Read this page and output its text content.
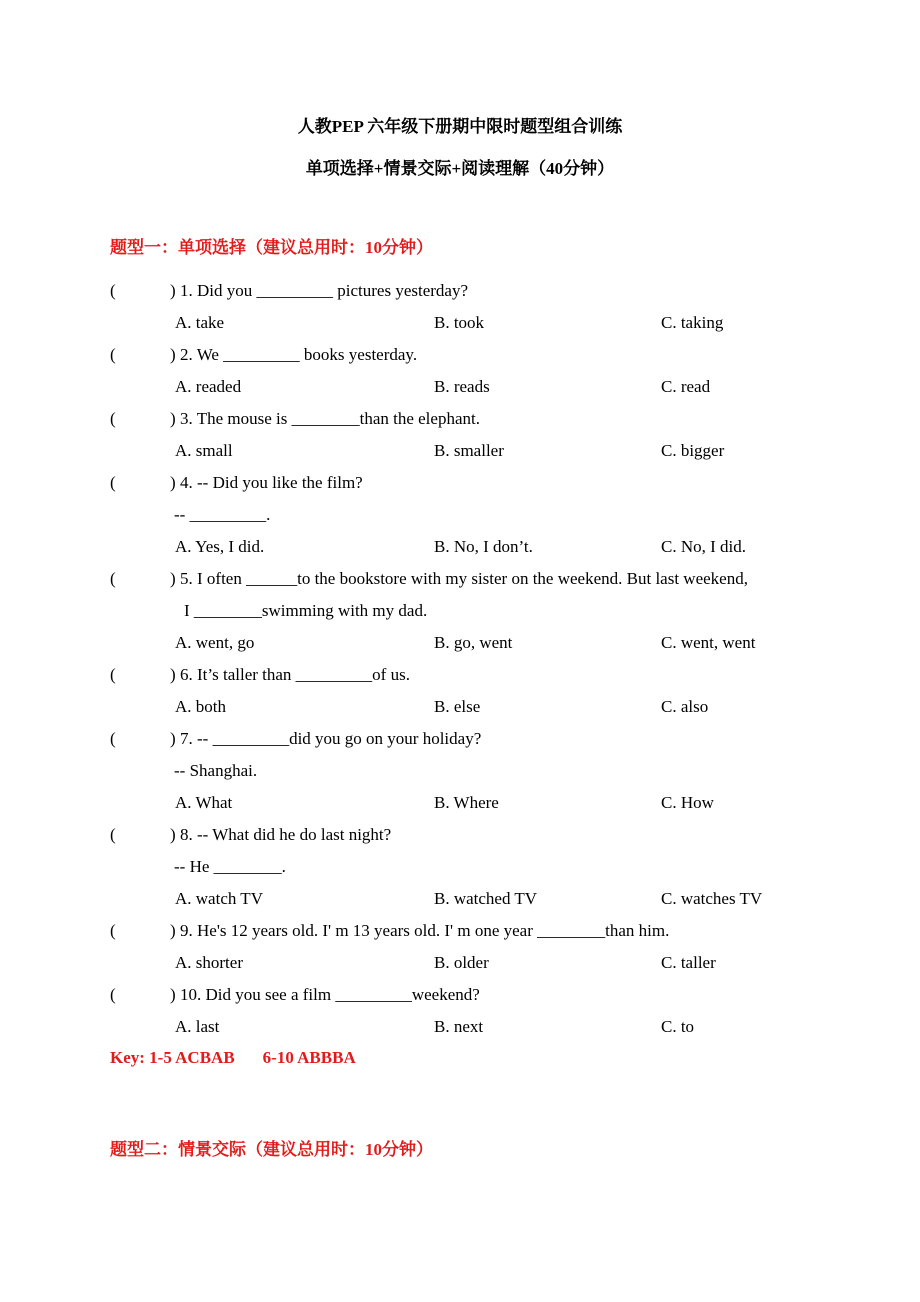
人教PEP 六年级下册期中限时题型组合训练
单项选择+情景交际+阅读理解（40分钟）
题型一：单项选择（建议总用时：10分钟）
(	) 1. Did you _________ pictures yesterday?
A. take	B. took	C. taking
(	) 2. We _________ books yesterday.
A. readed	B. reads	C. read
(	) 3. The mouse is ________than the elephant.
A. small	B. smaller	C. bigger
(	) 4. -- Did you like the film?
-- _________.
A. Yes, I did.	B. No, I don’t.	C. No, I did.
(	) 5. I often ______to the bookstore with my sister on the weekend. But last weekend,
I ________swimming with my dad.
A. went, go	B. go, went	C. went, went
(	) 6. It’s taller than _________of us.
A. both	B. else	C. also
(	) 7. -- _________did you go on your holiday?
-- Shanghai.
A. What	B. Where	C. How
(	) 8. -- What did he do last night?
-- He ________.
A. watch TV	B. watched TV	C. watches TV
(	) 9. He's 12 years old. I' m 13 years old. I' m one year ________than him.
A. shorter	B. older	C. taller
(	) 10. Did you see a film _________weekend?
A. last	B. next	C. to
Key: 1-5 ACBAB 6-10 ABBBA
题型二：情景交际（建议总用时：10分钟）
